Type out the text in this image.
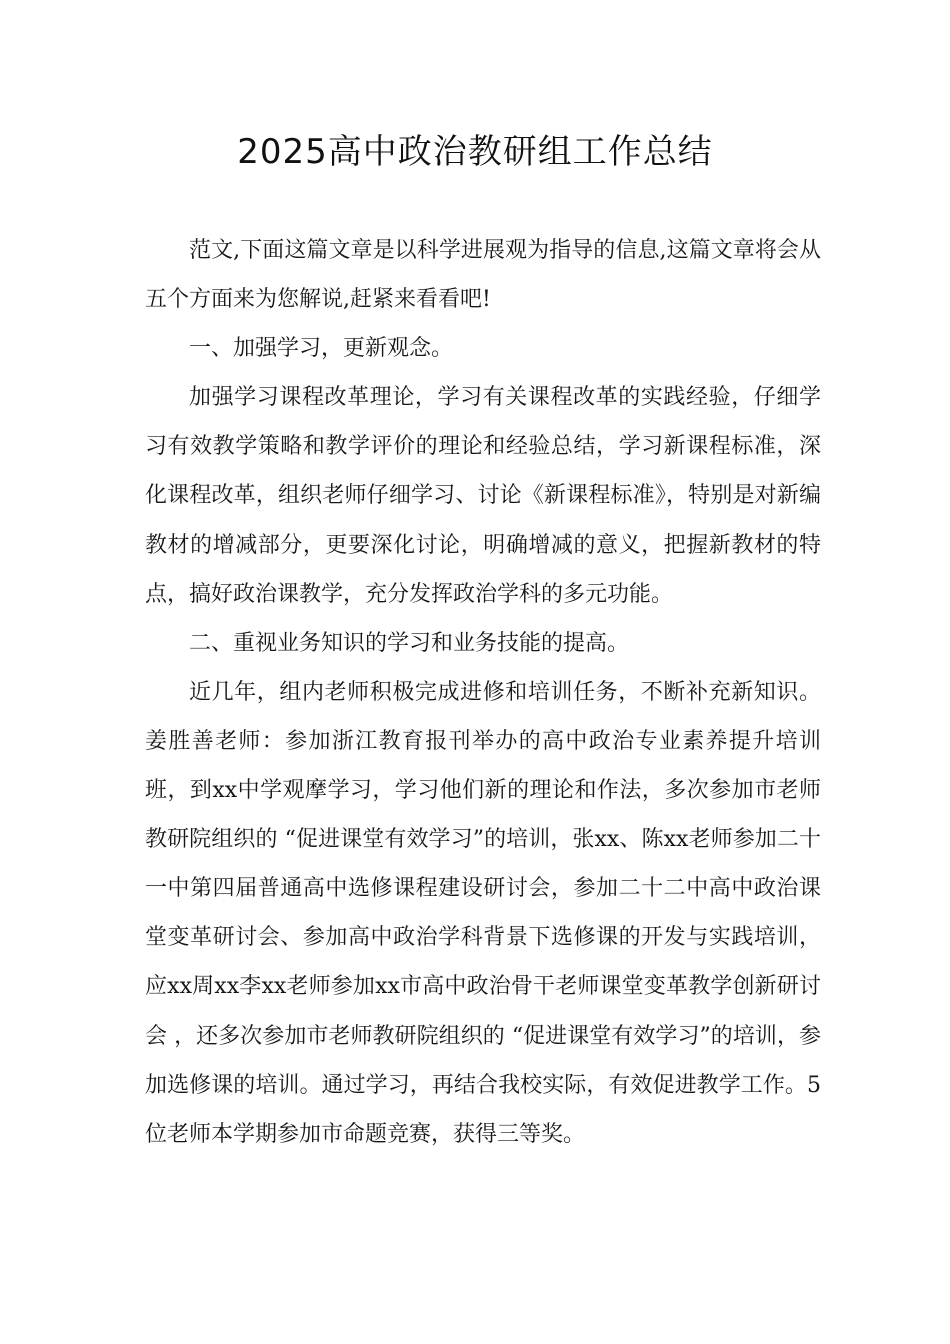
2025高中政治教研组工作总结

范文,下面这篇文章是以科学进展观为指导的信息,这篇文章将会从五个方面来为您解说,赶紧来看看吧!

一、加强学习，更新观念。

加强学习课程改革理论，学习有关课程改革的实践经验，仔细学习有效教学策略和教学评价的理论和经验总结，学习新课程标准，深化课程改革，组织老师仔细学习、讨论《新课程标准》，特别是对新编教材的增减部分，更要深化讨论，明确增减的意义，把握新教材的特点，搞好政治课教学，充分发挥政治学科的多元功能。

二、重视业务知识的学习和业务技能的提高。

近几年，组内老师积极完成进修和培训任务，不断补充新知识。姜胜善老师：参加浙江教育报刊举办的高中政治专业素养提升培训班，到xx中学观摩学习，学习他们新的理论和作法，多次参加市老师教研院组织的 “促进课堂有效学习”的培训，张xx、陈xx老师参加二十一中第四届普通高中选修课程建设研讨会，参加二十二中高中政治课堂变革研讨会、参加高中政治学科背景下选修课的开发与实践培训，应xx周xx李xx老师参加xx市高中政治骨干老师课堂变革教学创新研讨会 ，还多次参加市老师教研院组织的 “促进课堂有效学习”的培训，参加选修课的培训。通过学习，再结合我校实际，有效促进教学工作。5位老师本学期参加市命题竞赛，获得三等奖。
